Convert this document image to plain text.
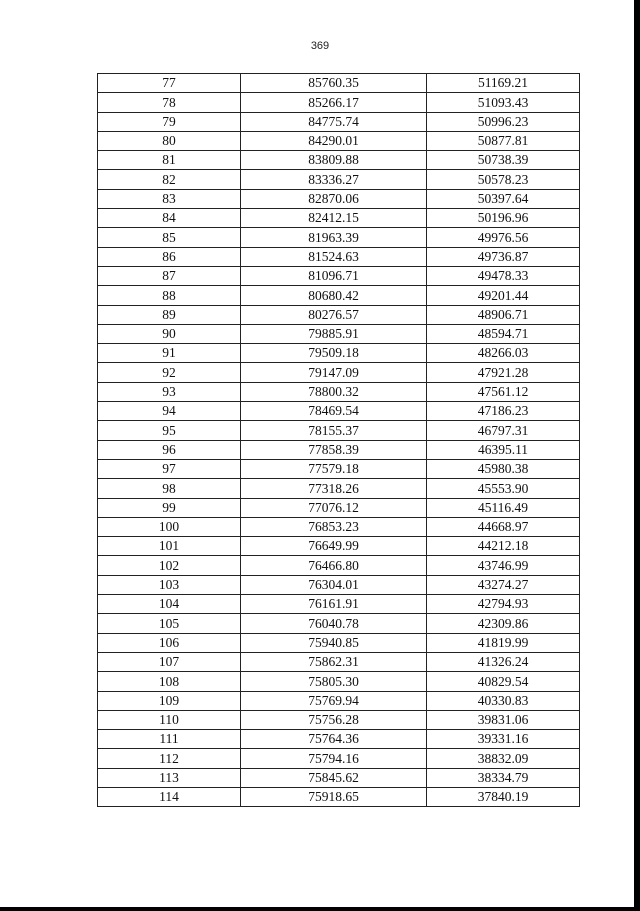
369
77	85760.35	51169.21
78	85266.17	51093.43
79	84775.74	50996.23
80	84290.01	50877.81
81	83809.88	50738.39
82	83336.27	50578.23
83	82870.06	50397.64
84	82412.15	50196.96
85	81963.39	49976.56
86	81524.63	49736.87
87	81096.71	49478.33
88	80680.42	49201.44
89	80276.57	48906.71
90	79885.91	48594.71
91	79509.18	48266.03
92	79147.09	47921.28
93	78800.32	47561.12
94	78469.54	47186.23
95	78155.37	46797.31
96	77858.39	46395.11
97	77579.18	45980.38
98	77318.26	45553.90
99	77076.12	45116.49
100	76853.23	44668.97
101	76649.99	44212.18
102	76466.80	43746.99
103	76304.01	43274.27
104	76161.91	42794.93
105	76040.78	42309.86
106	75940.85	41819.99
107	75862.31	41326.24
108	75805.30	40829.54
109	75769.94	40330.83
110	75756.28	39831.06
111	75764.36	39331.16
112	75794.16	38832.09
113	75845.62	38334.79
114	75918.65	37840.19
